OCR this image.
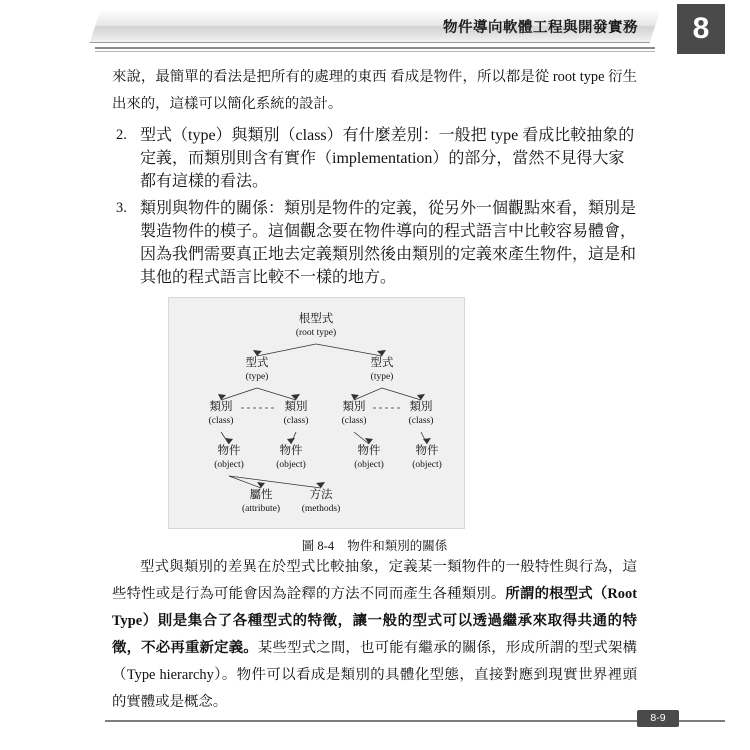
物件導向軟體工程與開發實務	8

來說，最簡單的看法是把所有的處理的東西 看成是物件，所以都是從 root type 衍生出來的，這樣可以簡化系統的設計。

2. 型式（type）與類別（class）有什麼差別：一般把 type 看成比較抽象的定義，而類別則含有實作（implementation）的部分，當然不見得大家都有這樣的看法。
3. 類別與物件的關係：類別是物件的定義，從另外一個觀點來看，類別是製造物件的模子。這個觀念要在物件導向的程式語言中比較容易體會，因為我們需要真正地去定義類別然後由類別的定義來產生物件，這是和其他的程式語言比較不一樣的地方。
根型式
(root type)
型式
(type)
型式
(type)
類別
(class)
類別
(class)
類別
(class)
類別
(class)
物件
(object)
物件
(object)
物件
(object)
物件
(object)
屬性
(attribute)
方法
(methods)
圖 8-4 物件和類別的關係

型式與類別的差異在於型式比較抽象，定義某一類物件的一般特性與行為，這些特性或是行為可能會因為詮釋的方法不同而產生各種類別。所謂的根型式（Root Type）則是集合了各種型式的特徵，讓一般的型式可以透過繼承來取得共通的特徵，不必再重新定義。某些型式之間，也可能有繼承的關係，形成所謂的型式架構（Type hierarchy）。物件可以看成是類別的具體化型態，直接對應到現實世界裡頭的實體或是概念。

8-9
